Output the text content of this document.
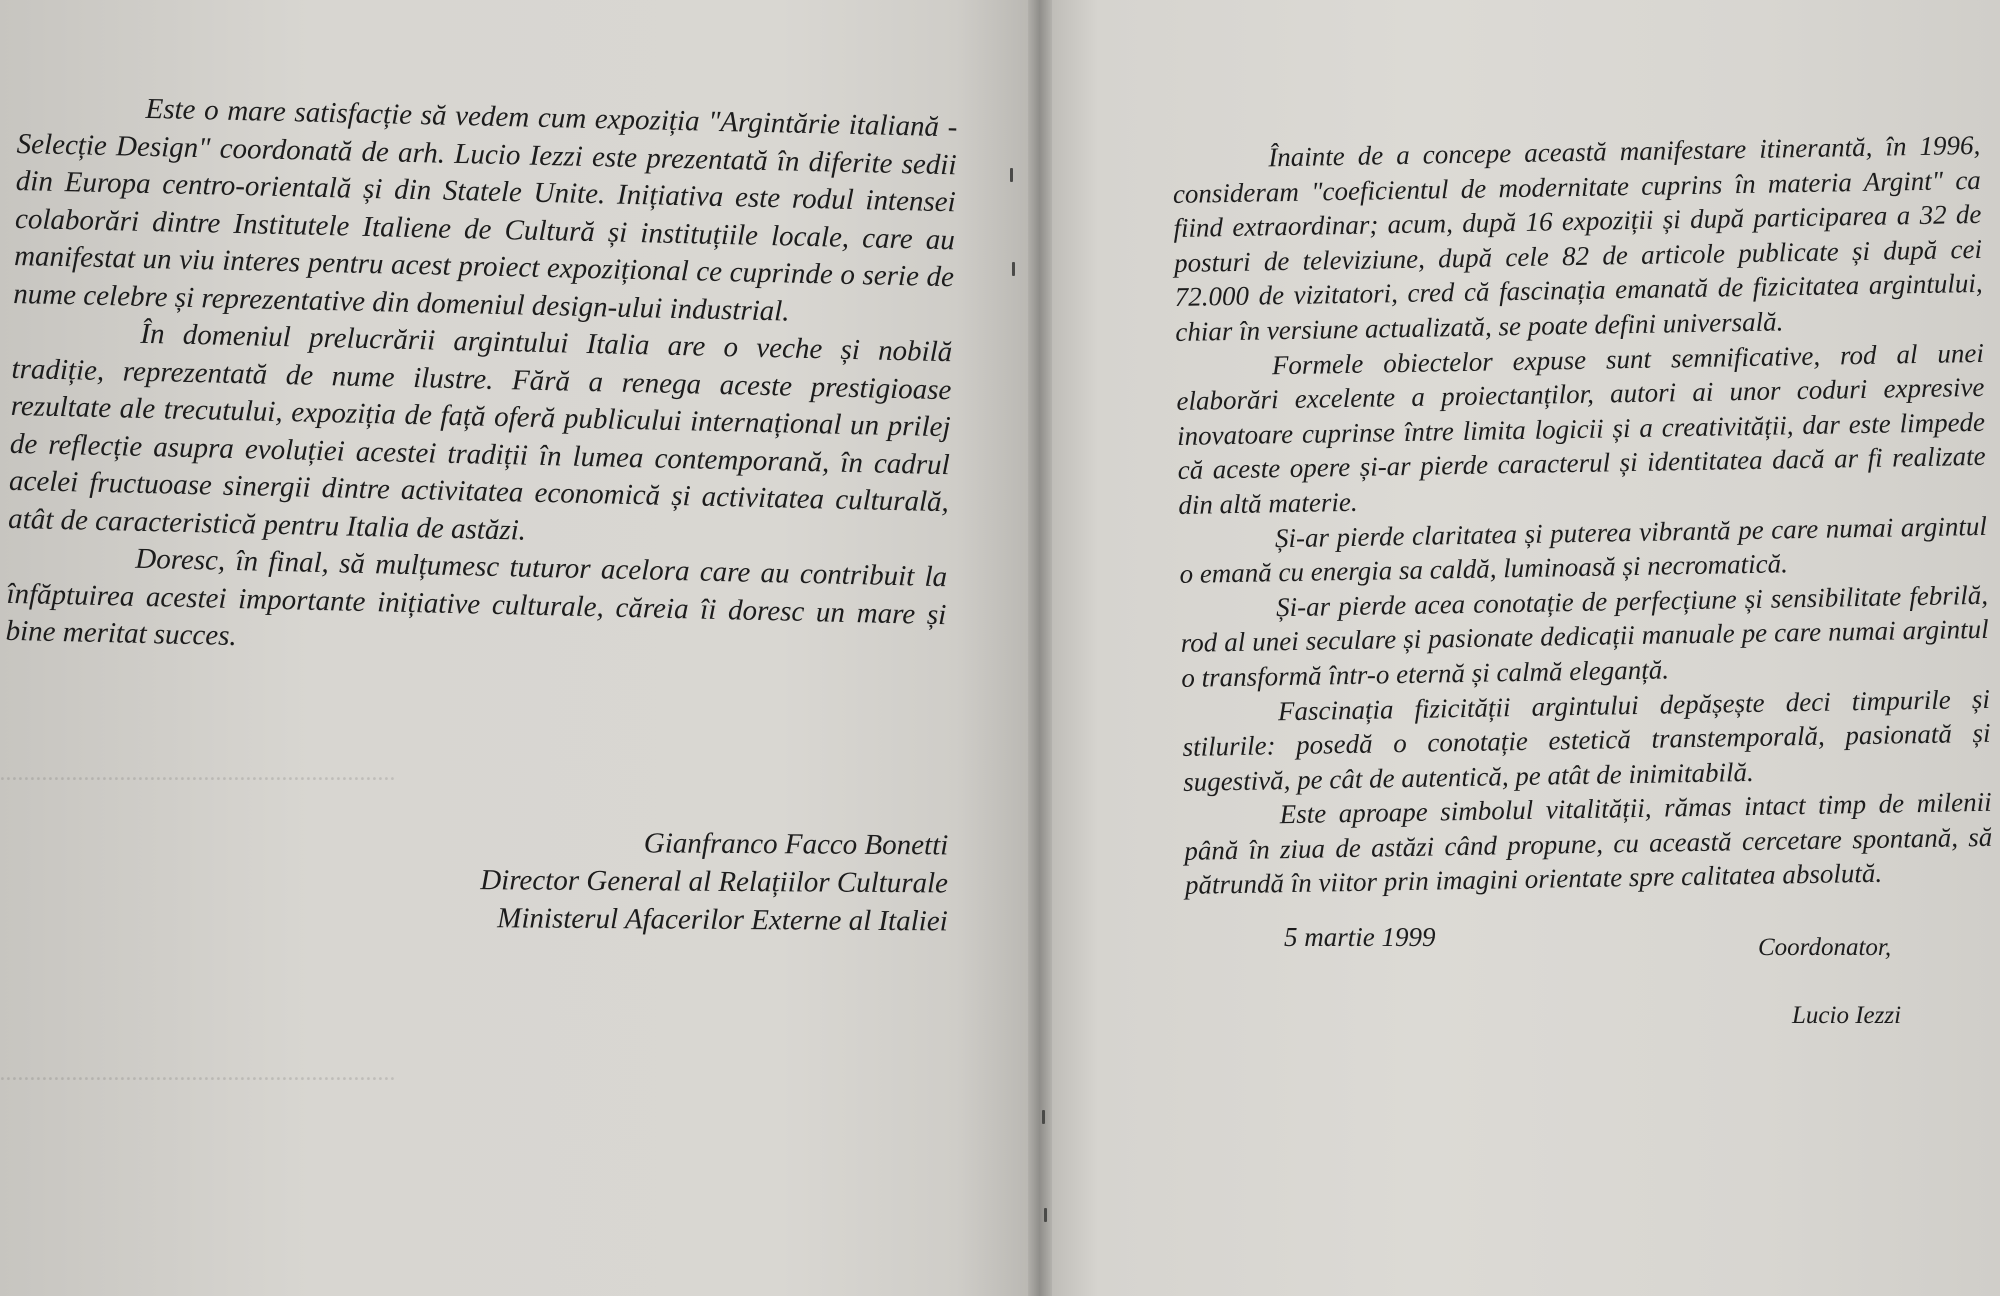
..................................................................
..................................................................

Este o mare satisfacție să vedem cum expoziția "Argintărie italiană - Selecție Design" coordonată de arh. Lucio Iezzi este prezentată în diferite sedii din Europa centro-orientală și din Statele Unite. Inițiativa este rodul intensei colaborări dintre Institutele Italiene de Cultură și instituțiile locale, care au manifestat un viu interes pentru acest proiect expozițional ce cuprinde o serie de nume celebre și reprezentative din domeniul design-ului industrial.

În domeniul prelucrării argintului Italia are o veche și nobilă tradiție, reprezentată de nume ilustre. Fără a renega aceste prestigioase rezultate ale trecutului, expoziția de față oferă publicului internațional un prilej de reflecție asupra evoluției acestei tradiții în lumea contemporană, în cadrul acelei fructuoase sinergii dintre activitatea economică și activitatea culturală, atât de caracteristică pentru Italia de astăzi.

Doresc, în final, să mulțumesc tuturor acelora care au contribuit la înfăptuirea acestei importante inițiative culturale, căreia îi doresc un mare și bine meritat succes.

Gianfranco Facco Bonetti
Director General al Relațiilor Culturale
Ministerul Afacerilor Externe al Italiei

Înainte de a concepe această manifestare itinerantă, în 1996, consideram "coeficientul de modernitate cuprins în materia Argint" ca fiind extraordinar; acum, după 16 expoziții și după participarea a 32 de posturi de televiziune, după cele 82 de articole publicate și după cei 72.000 de vizitatori, cred că fascinația emanată de fizicitatea argintului, chiar în versiune actualizată, se poate defini universală.

Formele obiectelor expuse sunt semnificative, rod al unei elaborări excelente a proiectanților, autori ai unor coduri expresive inovatoare cuprinse între limita logicii și a creativității, dar este limpede că aceste opere și-ar pierde caracterul și identitatea dacă ar fi realizate din altă materie.

Și-ar pierde claritatea și puterea vibrantă pe care numai argintul o emană cu energia sa caldă, luminoasă și necromatică.

Și-ar pierde acea conotație de perfecțiune și sensibilitate febrilă, rod al unei seculare și pasionate dedicații manuale pe care numai argintul o transformă într-o eternă și calmă eleganță.

Fascinația fizicității argintului depășește deci timpurile și stilurile: posedă o conotație estetică transtemporală, pasionată și sugestivă, pe cât de autentică, pe atât de inimitabilă.

Este aproape simbolul vitalității, rămas intact timp de milenii până în ziua de astăzi când propune, cu această cercetare spontană, să pătrundă în viitor prin imagini orientate spre calitatea absolută.

5 martie 1999	Coordonator,
Lucio Iezzi
